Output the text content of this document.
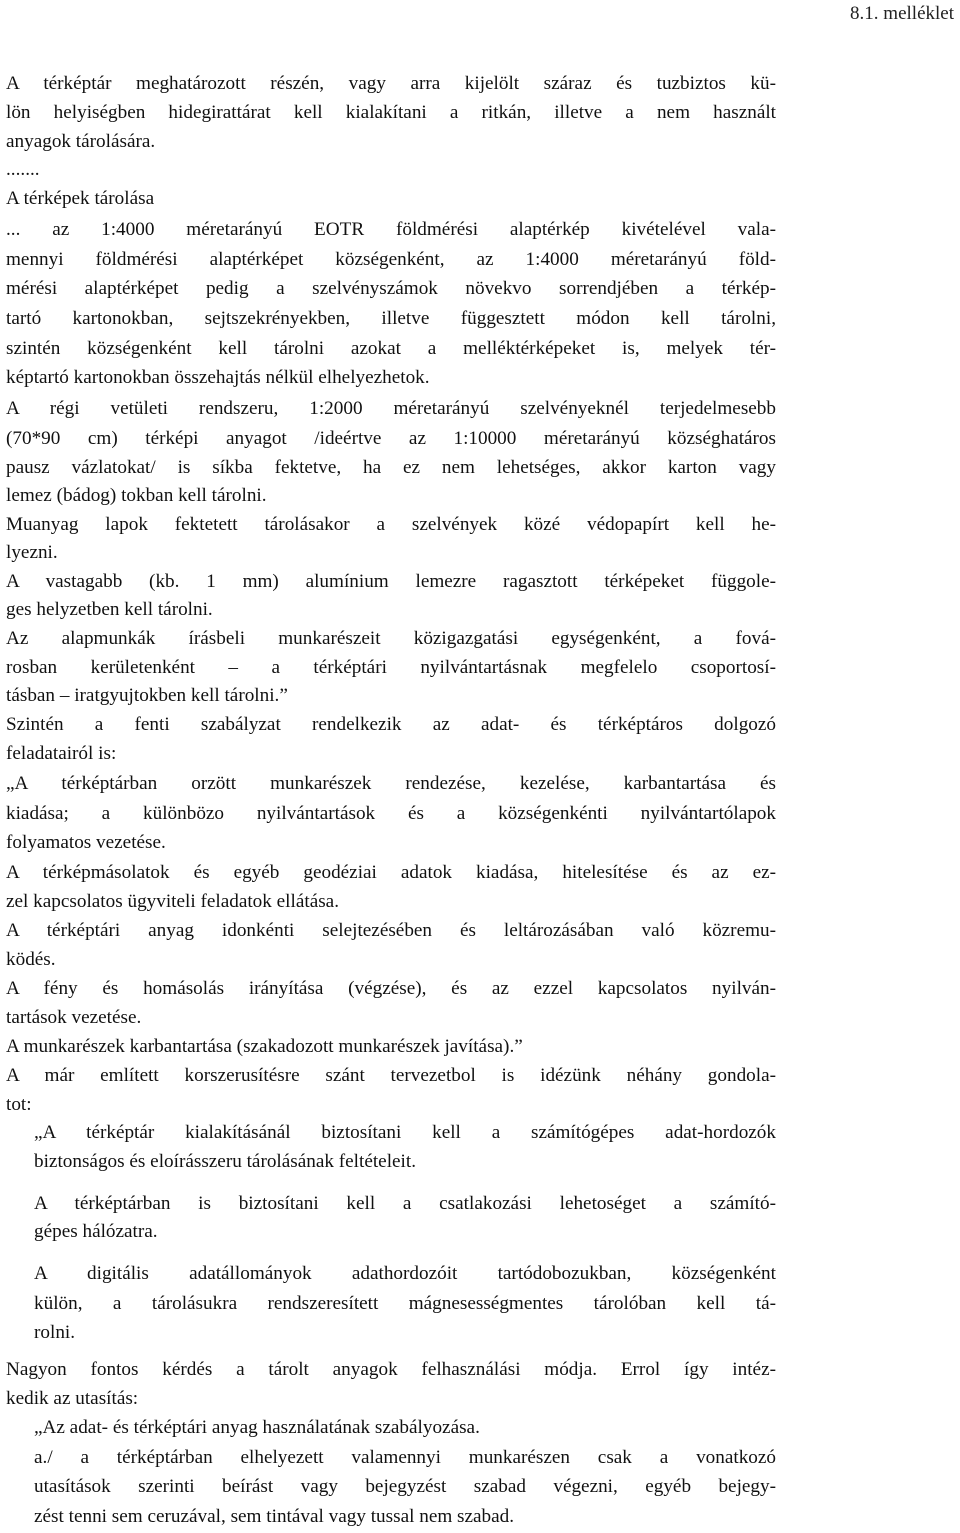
8.1. melléklet
A térképtár meghatározott részén, vagy arra kijelölt száraz és tuzbiztos kü-
lön helyiségben hidegirattárat kell kialakítani a ritkán, illetve a nem használt
anyagok tárolására.
.......
A térképek tárolása
... az 1:4000 méretarányú EOTR földmérési alaptérkép kivételével vala-
mennyi földmérési alaptérképet községenként, az 1:4000 méretarányú föld-
mérési alaptérképet pedig a szelvényszámok növekvo sorrendjében a térkép-
tartó kartonokban, sejtszekrényekben, illetve függesztett módon kell tárolni,
szintén községenként kell tárolni azokat a melléktérképeket is, melyek tér-
képtartó kartonokban összehajtás nélkül elhelyezhetok.
A régi vetületi rendszeru, 1:2000 méretarányú szelvényeknél terjedelmesebb
(70*90 cm) térképi anyagot /ideértve az 1:10000 méretarányú községhatáros
pausz vázlatokat/ is síkba fektetve, ha ez nem lehetséges, akkor karton vagy
lemez (bádog) tokban kell tárolni.
Muanyag lapok fektetett tárolásakor a szelvények közé védopapírt kell he-
lyezni.
A vastagabb (kb. 1 mm) alumínium lemezre ragasztott térképeket függole-
ges helyzetben kell tárolni.
Az alapmunkák írásbeli munkarészeit közigazgatási egységenként, a fová-
rosban kerületenként – a térképtári nyilvántartásnak megfelelo csoportosí-
tásban – iratgyujtokben kell tárolni.”
Szintén a fenti szabályzat rendelkezik az adat- és térképtáros dolgozó
feladatairól is:
„A térképtárban orzött munkarészek rendezése, kezelése, karbantartása és
kiadása; a különbözo nyilvántartások és a községenkénti nyilvántartólapok
folyamatos vezetése.
A térképmásolatok és egyéb geodéziai adatok kiadása, hitelesítése és az ez-
zel kapcsolatos ügyviteli feladatok ellátása.
A térképtári anyag idonkénti selejtezésében és leltározásában való közremu-
ködés.
A fény és homásolás irányítása (végzése), és az ezzel kapcsolatos nyilván-
tartások vezetése.
A munkarészek karbantartása (szakadozott munkarészek javítása).”
A már említett korszerusítésre szánt tervezetbol is idézünk néhány gondola-
tot:
„A térképtár kialakításánál biztosítani kell a számítógépes adat-hordozók
biztonságos és eloírásszeru tárolásának feltételeit.
A térképtárban is biztosítani kell a csatlakozási lehetoséget a számító-
gépes hálózatra.
A digitális adatállományok adathordozóit tartódobozukban, községenként
külön, a tárolásukra rendszeresített mágnesességmentes tárolóban kell tá-
rolni.
Nagyon fontos kérdés a tárolt anyagok felhasználási módja. Errol így intéz-
kedik az utasítás:
„Az adat- és térképtári anyag használatának szabályozása.
a./ a térképtárban elhelyezett valamennyi munkarészen csak a vonatkozó
utasítások szerinti beírást vagy bejegyzést szabad végezni, egyéb bejegy-
zést tenni sem ceruzával, sem tintával vagy tussal nem szabad.
